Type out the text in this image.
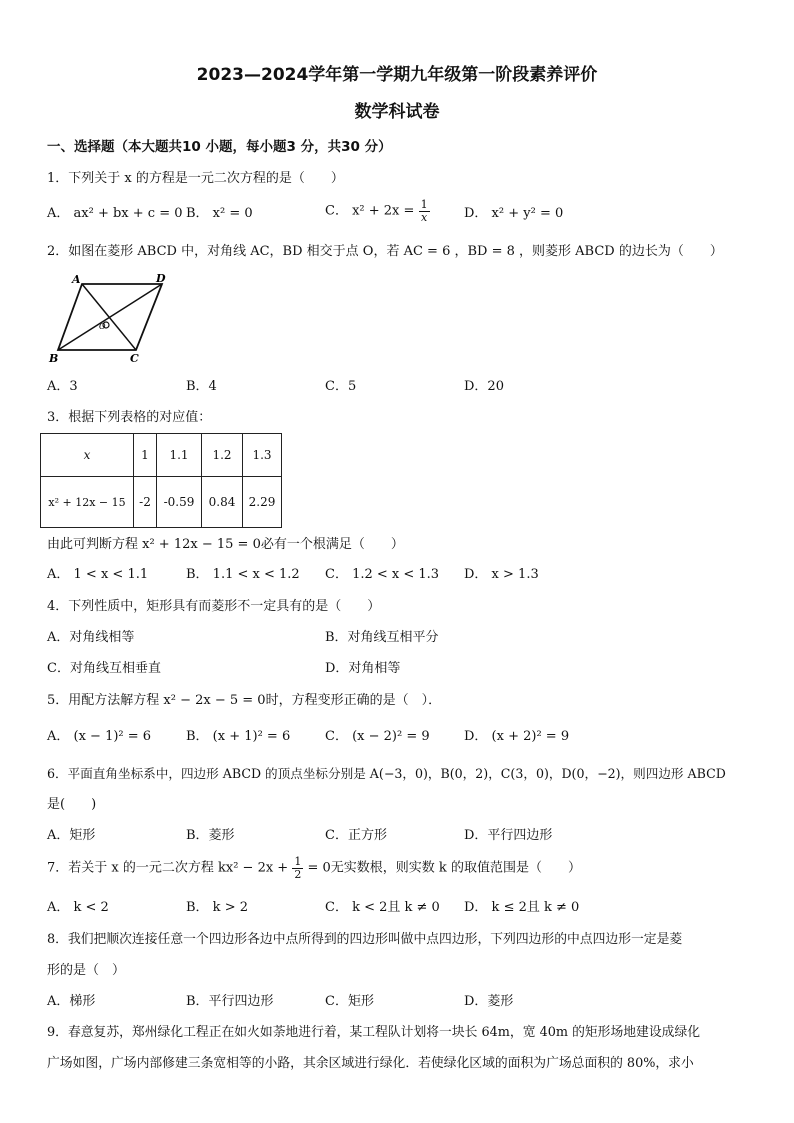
2023—2024学年第一学期九年级第一阶段素养评价
数学科试卷
一、选择题（本大题共10 小题，每小题3 分，共30 分）
1．下列关于 x 的方程是一元二次方程的是（　　）
A． ax² + bx + c = 0 B． x² = 0	C． $x^2 + 2x = \frac{1}{x}$	D． x² + y² = 0
2．如图在菱形 ABCD 中，对角线 AC，BD 相交于点 O，若 AC = 6 ，BD = 8 ，则菱形 ABCD 的边长为（　　）
A	D
B	C
O
A．3	B．4	C．5	D．20
3．根据下列表格的对应值：
x	1	1.1	1.2	1.3
x² + 12x − 15	-2	-0.59	0.84	2.29
由此可判断方程 x² + 12x − 15 = 0必有一个根满足（　　）
A． 1 < x < 1.1	B． 1.1 < x < 1.2 C． 1.2 < x < 1.3 D． x > 1.3
4．下列性质中，矩形具有而菱形不一定具有的是（　　）
A．对角线相等	B．对角线互相平分
C．对角线互相垂直	D．对角相等
5．用配方法解方程 x² − 2x − 5 = 0时，方程变形正确的是（　）．
A． (x − 1)² = 6	B． (x + 1)² = 6	C． (x − 2)² = 9	D． (x + 2)² = 9
6．平面直角坐标系中，四边形 ABCD 的顶点坐标分别是 A(−3，0)，B(0，2)，C(3，0)，D(0，−2)，则四边形 ABCD
是(　　)
A．矩形	B．菱形	C．正方形	D．平行四边形
7．若关于 x 的一元二次方程 $kx^2 - 2x + \frac{1}{2} = 0$无实数根，则实数 k 的取值范围是（　　）
A． k < 2	B． k > 2	C． k < 2且 k ≠ 0 D． k ≤ 2且 k ≠ 0
8．我们把顺次连接任意一个四边形各边中点所得到的四边形叫做中点四边形，下列四边形的中点四边形一定是菱
形的是（　）
A．梯形	B．平行四边形	C．矩形	D．菱形
9．春意复苏，郑州绿化工程正在如火如荼地进行着，某工程队计划将一块长 64m，宽 40m 的矩形场地建设成绿化
广场如图，广场内部修建三条宽相等的小路，其余区域进行绿化．若使绿化区域的面积为广场总面积的 80%，求小
